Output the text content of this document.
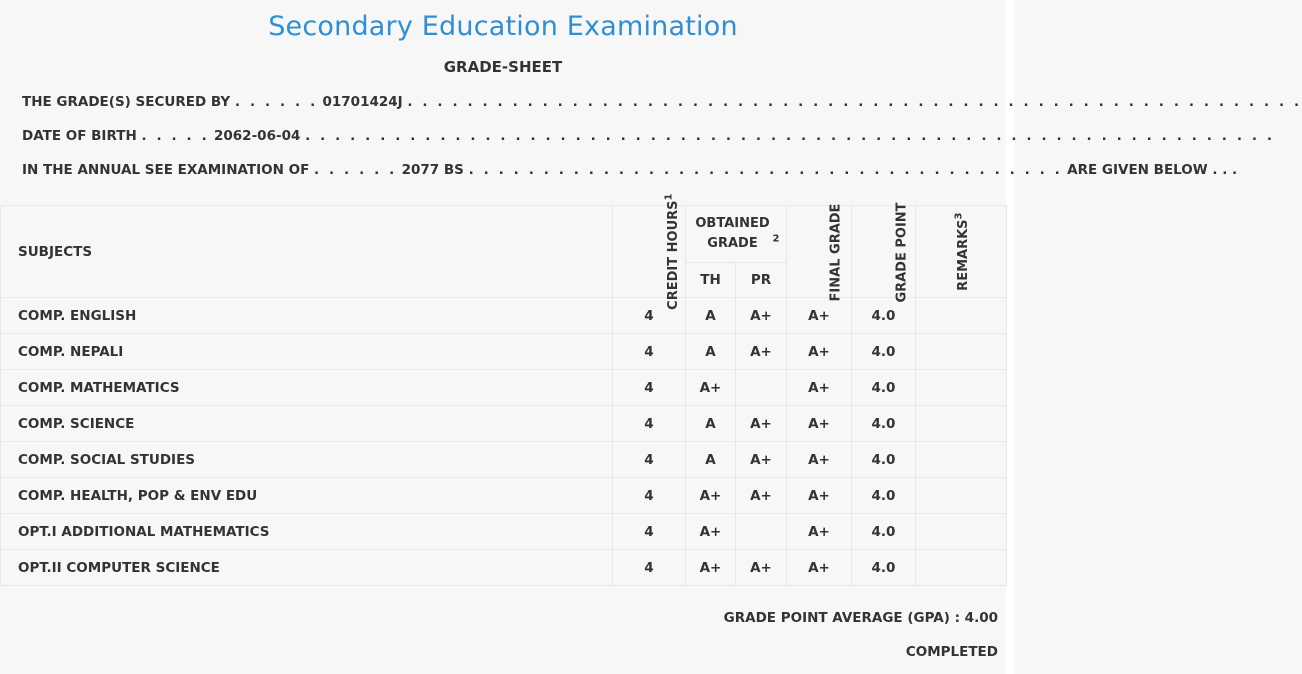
Secondary Education Examination
GRADE-SHEET
THE GRADE(S) SECURED BY . . . . . . 01701424J . . . . . . . . . . . . . . . . . . . . . . . . . . . . . . . . . . . . . . . . . . . . . . . . . . . . . . . . . . . .
DATE OF BIRTH . . . . . 2062-06-04 . . . . . . . . . . . . . . . . . . . . . . . . . . . . . . . . . . . . . . . . . . . . . . . . . . . . . . . . . . . . . . . . .
IN THE ANNUAL SEE EXAMINATION OF . . . . . . 2077 BS . . . . . . . . . . . . . . . . . . . . . . . . . . . . . . . . . . . . . . . . ARE GIVEN BELOW . . .
SUBJECTS	CREDIT HOURS$^1$	OBTAINED GRADE $^2$		FINAL GRADE	GRADE POINT	REMARKS$^3$
		TH	PR			
COMP. ENGLISH	4	A	A+	A+	4.0	
COMP. NEPALI	4	A	A+	A+	4.0	
COMP. MATHEMATICS	4	A+		A+	4.0	
COMP. SCIENCE	4	A	A+	A+	4.0	
COMP. SOCIAL STUDIES	4	A	A+	A+	4.0	
COMP. HEALTH, POP & ENV EDU	4	A+	A+	A+	4.0	
OPT.I ADDITIONAL MATHEMATICS	4	A+		A+	4.0	
OPT.II COMPUTER SCIENCE	4	A+	A+	A+	4.0	
GRADE POINT AVERAGE (GPA) : 4.00
COMPLETED
